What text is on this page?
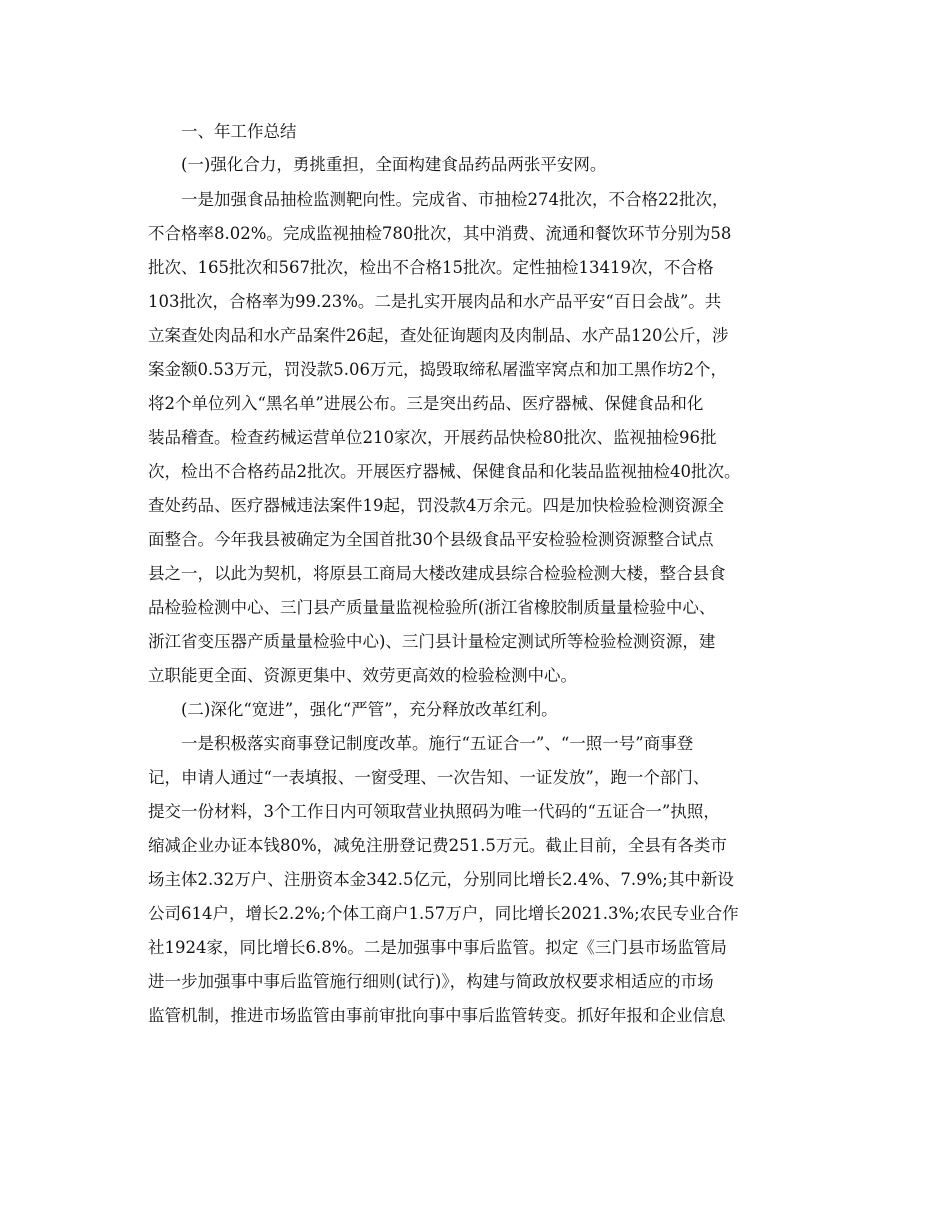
一、年工作总结
(一)强化合力，勇挑重担，全面构建食品药品两张平安网。
一是加强食品抽检监测靶向性。完成省、市抽检274批次，不合格22批次，
不合格率8.02%。完成监视抽检780批次，其中消费、流通和餐饮环节分别为58
批次、165批次和567批次，检出不合格15批次。定性抽检13419次，不合格
103批次，合格率为99.23%。二是扎实开展肉品和水产品平安“百日会战”。共
立案查处肉品和水产品案件26起，查处征询题肉及肉制品、水产品120公斤，涉
案金额0.53万元，罚没款5.06万元，捣毁取缔私屠滥宰窝点和加工黑作坊2个，
将2个单位列入“黑名单”进展公布。三是突出药品、医疗器械、保健食品和化
装品稽查。检查药械运营单位210家次，开展药品快检80批次、监视抽检96批
次，检出不合格药品2批次。开展医疗器械、保健食品和化装品监视抽检40批次。
查处药品、医疗器械违法案件19起，罚没款4万余元。四是加快检验检测资源全
面整合。今年我县被确定为全国首批30个县级食品平安检验检测资源整合试点
县之一，以此为契机，将原县工商局大楼改建成县综合检验检测大楼，整合县食
品检验检测中心、三门县产质量量监视检验所(浙江省橡胶制质量量检验中心、
浙江省变压器产质量量检验中心)、三门县计量检定测试所等检验检测资源，建
立职能更全面、资源更集中、效劳更高效的检验检测中心。
(二)深化“宽进”，强化“严管”，充分释放改革红利。
一是积极落实商事登记制度改革。施行“五证合一”、“一照一号”商事登
记，申请人通过“一表填报、一窗受理、一次告知、一证发放”，跑一个部门、
提交一份材料，3个工作日内可领取营业执照码为唯一代码的“五证合一”执照，
缩减企业办证本钱80%，减免注册登记费251.5万元。截止目前，全县有各类市
场主体2.32万户、注册资本金342.5亿元，分别同比增长2.4%、7.9%;其中新设
公司614户，增长2.2%;个体工商户1.57万户，同比增长2021.3%;农民专业合作
社1924家，同比增长6.8%。二是加强事中事后监管。拟定《三门县市场监管局
进一步加强事中事后监管施行细则(试行)》，构建与简政放权要求相适应的市场
监管机制，推进市场监管由事前审批向事中事后监管转变。抓好年报和企业信息
